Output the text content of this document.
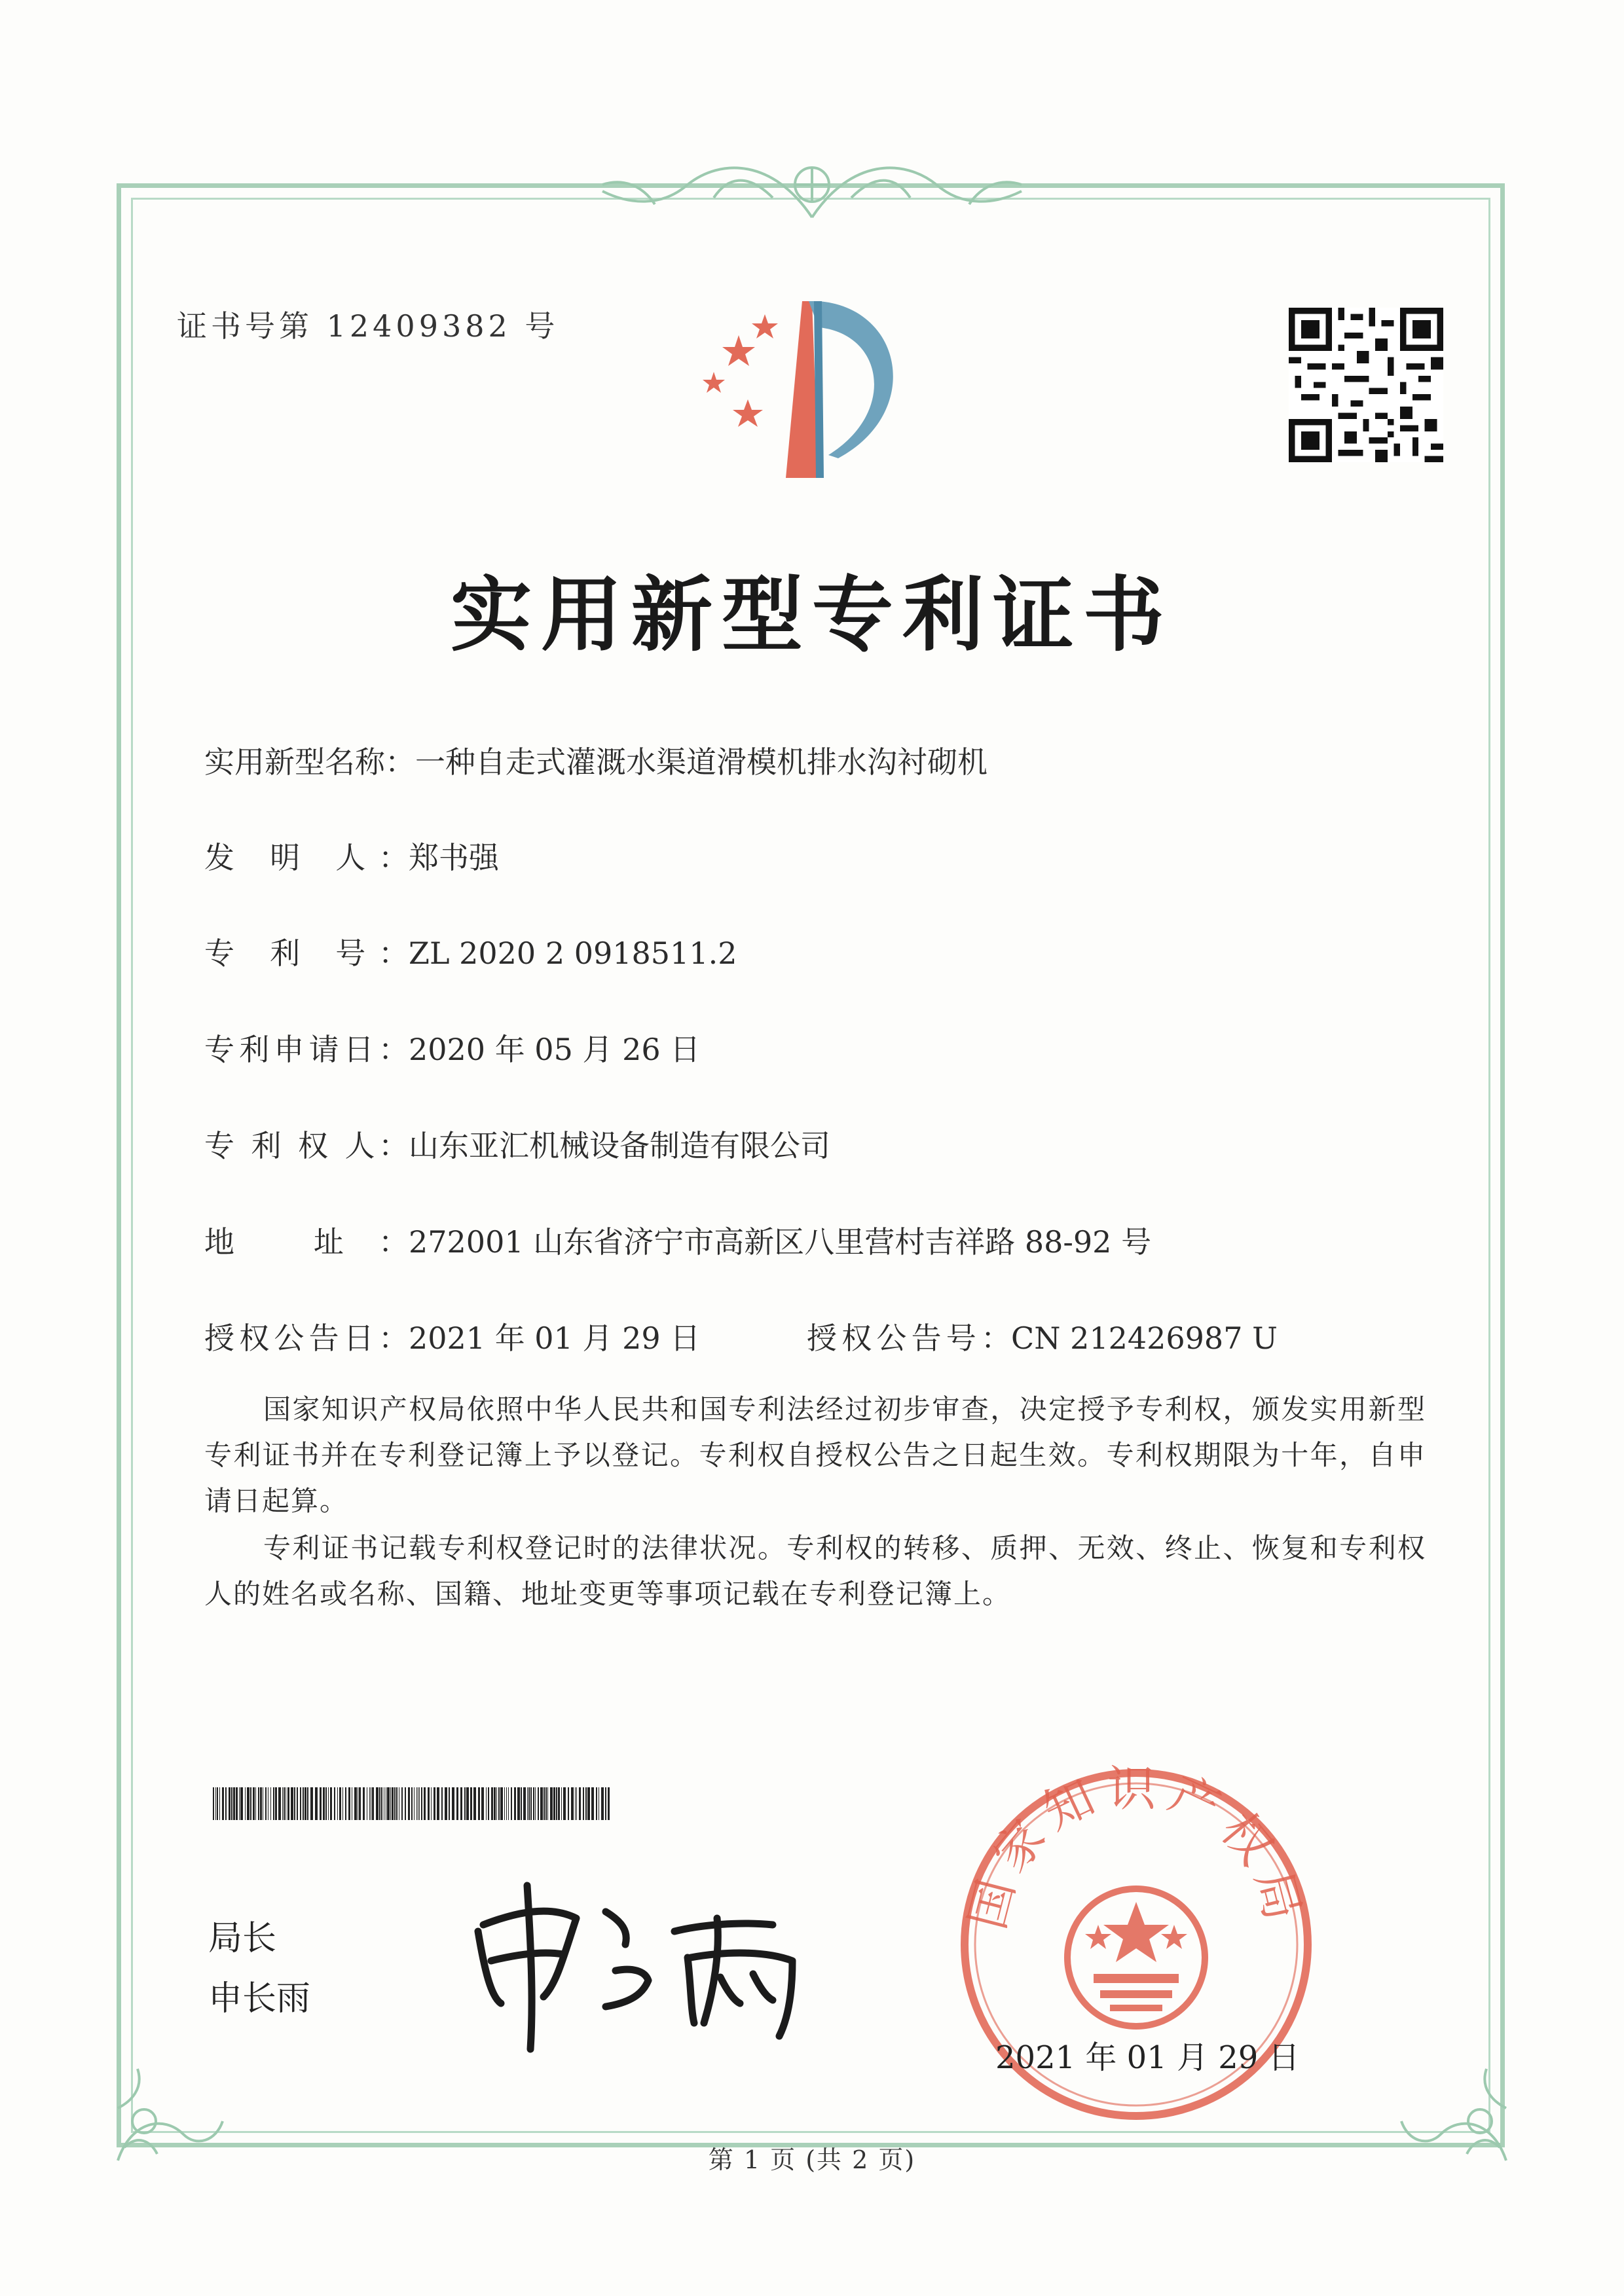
证书号第 12409382 号
实用新型专利证书
实用新型名称：一种自走式灌溉水渠道滑模机排水沟衬砌机
发 明 人：郑书强
专 利 号：ZL 2020 2 0918511.2
专利申请日：2020 年 05 月 26 日
专 利 权 人：山东亚汇机械设备制造有限公司
地 址：272001 山东省济宁市高新区八里营村吉祥路 88-92 号
授权公告日：2021 年 01 月 29 日	授权公告号：CN 212426987 U
国家知识产权局依照中华人民共和国专利法经过初步审查，决定授予专利权，颁发实用新型专利证书并在专利登记簿上予以登记。专利权自授权公告之日起生效。专利权期限为十年，自申请日起算。
专利证书记载专利权登记时的法律状况。专利权的转移、质押、无效、终止、恢复和专利权人的姓名或名称、国籍、地址变更等事项记载在专利登记簿上。
局长
申长雨
国家知识产权局
2021 年 01 月 29 日
第 1 页 (共 2 页)
